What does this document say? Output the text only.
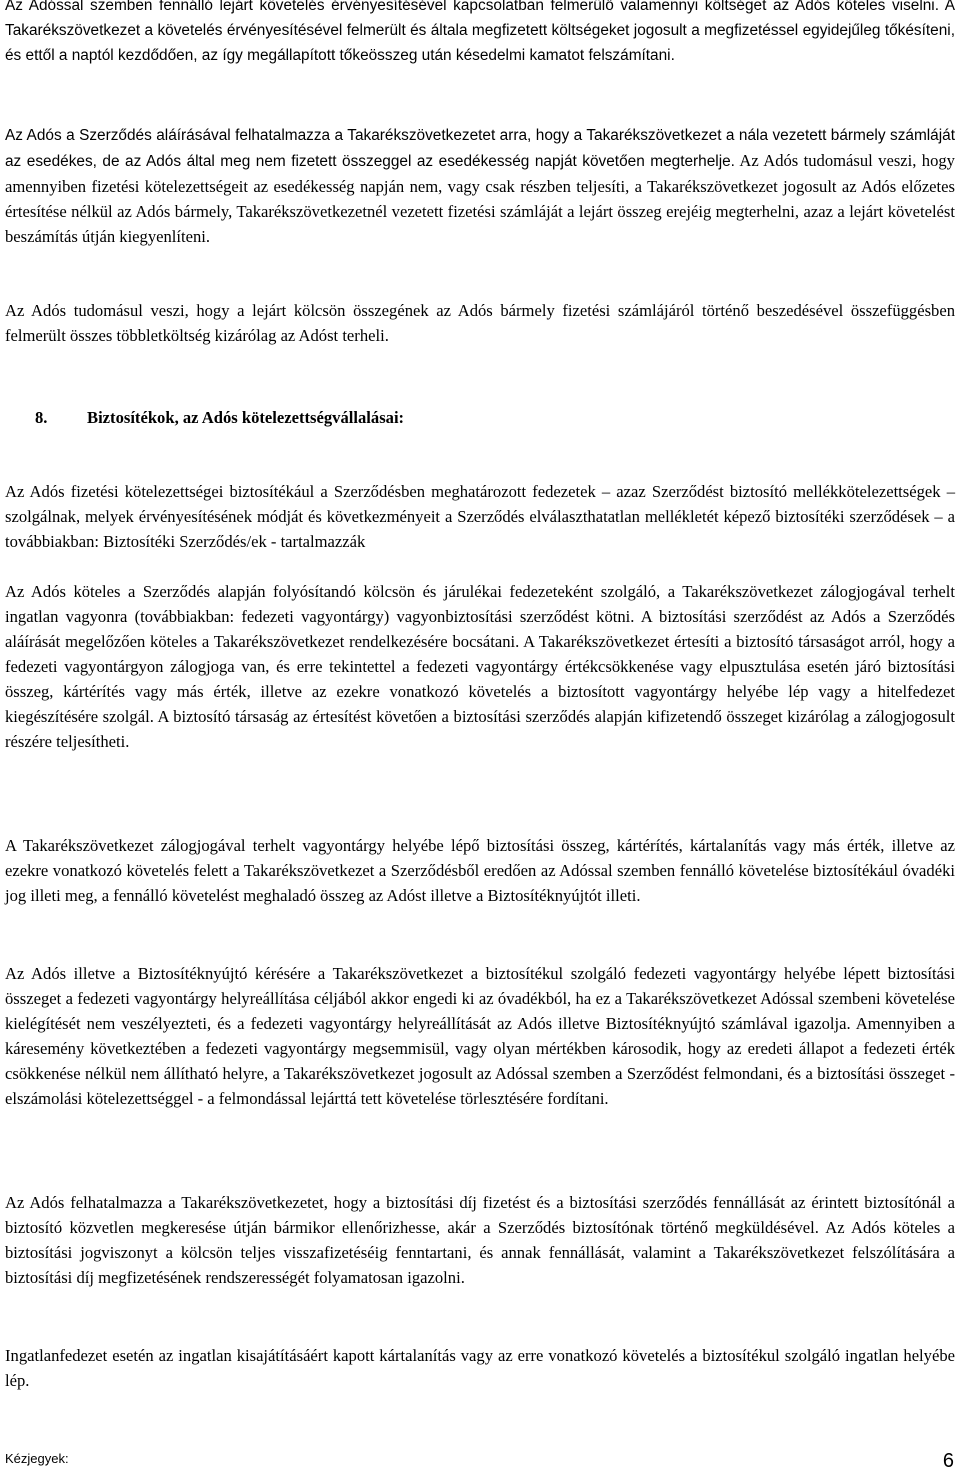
Az Adóssal szemben fennálló lejárt követelés érvényesítésével kapcsolatban felmerülő valamennyi költséget az Adós köteles viselni. A Takarékszövetkezet a követelés érvényesítésével felmerült és általa megfizetett költségeket jogosult a megfizetéssel egyidejűleg tőkésíteni, és ettől a naptól kezdődően, az így megállapított tőkeösszeg után késedelmi kamatot felszámítani.

Az Adós a Szerződés aláírásával felhatalmazza a Takarékszövetkezetet arra, hogy a Takarékszövetkezet a nála vezetett bármely számláját az esedékes, de az Adós által meg nem fizetett összeggel az esedékesség napját követően megterhelje. Az Adós tudomásul veszi, hogy amennyiben fizetési kötelezettségeit az esedékesség napján nem, vagy csak részben teljesíti, a Takarékszövetkezet jogosult az Adós előzetes értesítése nélkül az Adós bármely, Takarékszövetkezetnél vezetett fizetési számláját a lejárt összeg erejéig megterhelni, azaz a lejárt követelést beszámítás útján kiegyenlíteni.

Az Adós tudomásul veszi, hogy a lejárt kölcsön összegének az Adós bármely fizetési számlájáról történő beszedésével összefüggésben felmerült összes többletköltség kizárólag az Adóst terheli.

8. Biztosítékok, az Adós kötelezettségvállalásai:

Az Adós fizetési kötelezettségei biztosítékául a Szerződésben meghatározott fedezetek – azaz Szerződést biztosító mellékkötelezettségek – szolgálnak, melyek érvényesítésének módját és következményeit a Szerződés elválaszthatatlan mellékletét képező biztosítéki szerződések – a továbbiakban: Biztosítéki Szerződés/ek - tartalmazzák

Az Adós köteles a Szerződés alapján folyósítandó kölcsön és járulékai fedezeteként szolgáló, a Takarékszövetkezet zálogjogával terhelt ingatlan vagyonra (továbbiakban: fedezeti vagyontárgy) vagyonbiztosítási szerződést kötni. A biztosítási szerződést az Adós a Szerződés aláírását megelőzően köteles a Takarékszövetkezet rendelkezésére bocsátani. A Takarékszövetkezet értesíti a biztosító társaságot arról, hogy a fedezeti vagyontárgyon zálogjoga van, és erre tekintettel a fedezeti vagyontárgy értékcsökkenése vagy elpusztulása esetén járó biztosítási összeg, kártérítés vagy más érték, illetve az ezekre vonatkozó követelés a biztosított vagyontárgy helyébe lép vagy a hitelfedezet kiegészítésére szolgál. A biztosító társaság az értesítést követően a biztosítási szerződés alapján kifizetendő összeget kizárólag a zálogjogosult részére teljesítheti.

A Takarékszövetkezet zálogjogával terhelt vagyontárgy helyébe lépő biztosítási összeg, kártérítés, kártalanítás vagy más érték, illetve az ezekre vonatkozó követelés felett a Takarékszövetkezet a Szerződésből eredően az Adóssal szemben fennálló követelése biztosítékául óvadéki jog illeti meg, a fennálló követelést meghaladó összeg az Adóst illetve a Biztosítéknyújtót illeti.

Az Adós illetve a Biztosítéknyújtó kérésére a Takarékszövetkezet a biztosítékul szolgáló fedezeti vagyontárgy helyébe lépett biztosítási összeget a fedezeti vagyontárgy helyreállítása céljából akkor engedi ki az óvadékból, ha ez a Takarékszövetkezet Adóssal szembeni követelése kielégítését nem veszélyezteti, és a fedezeti vagyontárgy helyreállítását az Adós illetve Biztosítéknyújtó számlával igazolja. Amennyiben a káresemény következtében a fedezeti vagyontárgy megsemmisül, vagy olyan mértékben károsodik, hogy az eredeti állapot a fedezeti érték csökkenése nélkül nem állítható helyre, a Takarékszövetkezet jogosult az Adóssal szemben a Szerződést felmondani, és a biztosítási összeget - elszámolási kötelezettséggel - a felmondással lejárttá tett követelése törlesztésére fordítani.

Az Adós felhatalmazza a Takarékszövetkezetet, hogy a biztosítási díj fizetést és a biztosítási szerződés fennállását az érintett biztosítónál a biztosító közvetlen megkeresése útján bármikor ellenőrizhesse, akár a Szerződés biztosítónak történő megküldésével. Az Adós köteles a biztosítási jogviszonyt a kölcsön teljes visszafizetéséig fenntartani, és annak fennállását, valamint a Takarékszövetkezet felszólítására a biztosítási díj megfizetésének rendszerességét folyamatosan igazolni.

Ingatlanfedezet esetén az ingatlan kisajátításáért kapott kártalanítás vagy az erre vonatkozó követelés a biztosítékul szolgáló ingatlan helyébe lép.

Kézjegyek:	6
